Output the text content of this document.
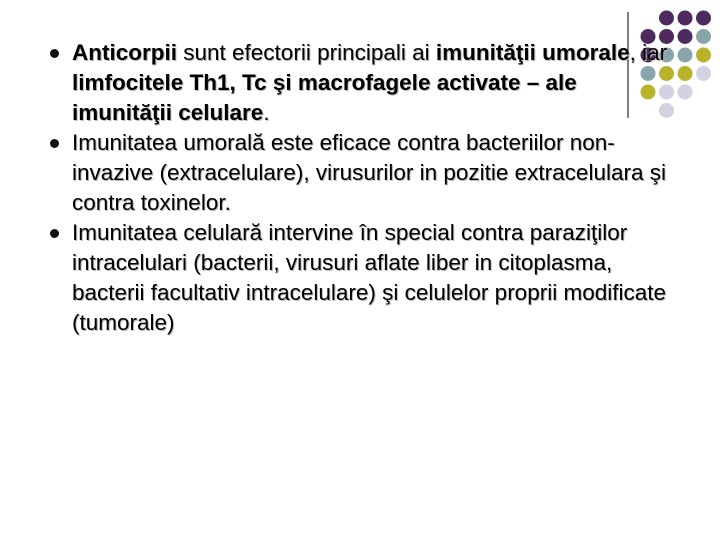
Anticorpii sunt efectorii principali ai imunităţii umorale, iar limfocitele Th1, Tc şi macrofagele activate – ale imunităţii celulare.
Imunitatea umorală este eficace contra bacteriilor non-invazive (extracelulare), virusurilor in pozitie extracelulara şi contra toxinelor.
Imunitatea celulară intervine în special contra paraziţilor intracelulari (bacterii, virusuri aflate liber in citoplasma, bacterii facultativ intracelulare) şi celulelor proprii modificate (tumorale)
